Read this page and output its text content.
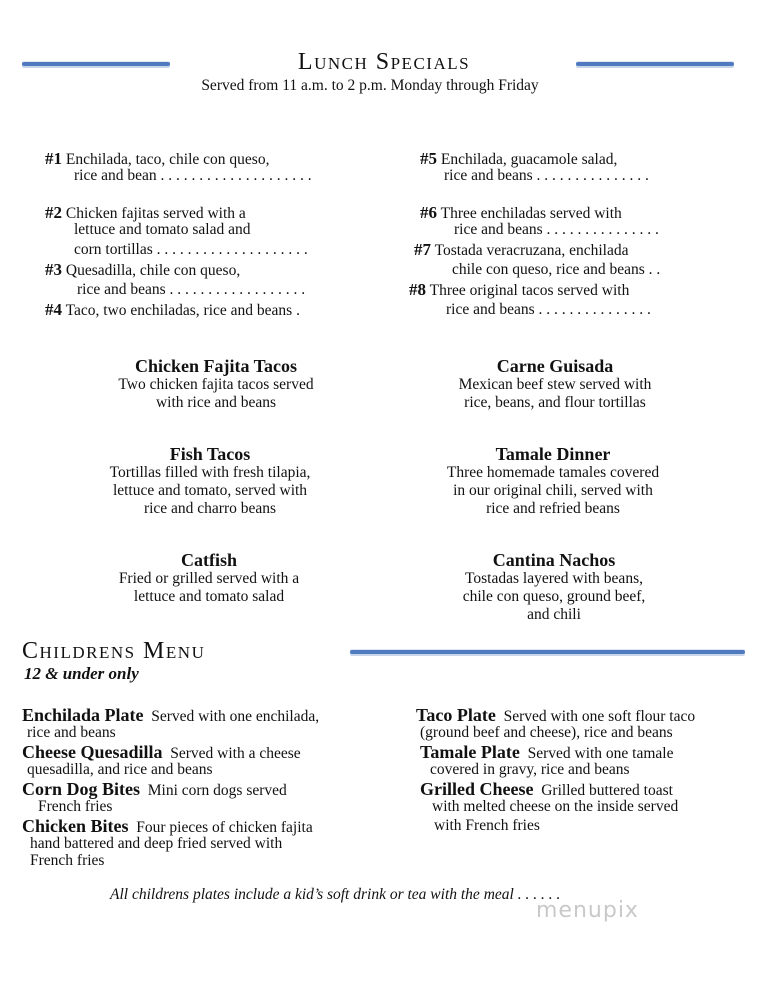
Lunch Specials
Served from 11 a.m. to 2 p.m. Monday through Friday
#1 Enchilada, taco, chile con queso,
rice and bean . . . . . . . . . . . . . . . . . . . .
#2 Chicken fajitas served with a
lettuce and tomato salad and
corn tortillas . . . . . . . . . . . . . . . . . . . .
#3 Quesadilla, chile con queso,
rice and beans . . . . . . . . . . . . . . . . . .
#4 Taco, two enchiladas, rice and beans .
#5 Enchilada, guacamole salad,
rice and beans . . . . . . . . . . . . . . .
#6 Three enchiladas served with
rice and beans . . . . . . . . . . . . . . .
#7 Tostada veracruzana, enchilada
chile con queso, rice and beans . .
#8 Three original tacos served with
rice and beans . . . . . . . . . . . . . . .
Chicken Fajita Tacos
Two chicken fajita tacos served
with rice and beans
Carne Guisada
Mexican beef stew served with
rice, beans, and flour tortillas
Fish Tacos
Tortillas filled with fresh tilapia,
lettuce and tomato, served with
rice and charro beans
Tamale Dinner
Three homemade tamales covered
in our original chili, served with
rice and refried beans
Catfish
Fried or grilled served with a
lettuce and tomato salad
Cantina Nachos
Tostadas layered with beans,
chile con queso, ground beef,
and chili
Childrens Menu
12 & under only
Enchilada Plate Served with one enchilada,
rice and beans
Cheese Quesadilla Served with a cheese
quesadilla, and rice and beans
Corn Dog Bites Mini corn dogs served
French fries
Chicken Bites Four pieces of chicken fajita
hand battered and deep fried served with
French fries
Taco Plate Served with one soft flour taco
(ground beef and cheese), rice and beans
Tamale Plate Served with one tamale
covered in gravy, rice and beans
Grilled Cheese Grilled buttered toast
with melted cheese on the inside served
with French fries
All childrens plates include a kid’s soft drink or tea with the meal . . . . . .
menupix
